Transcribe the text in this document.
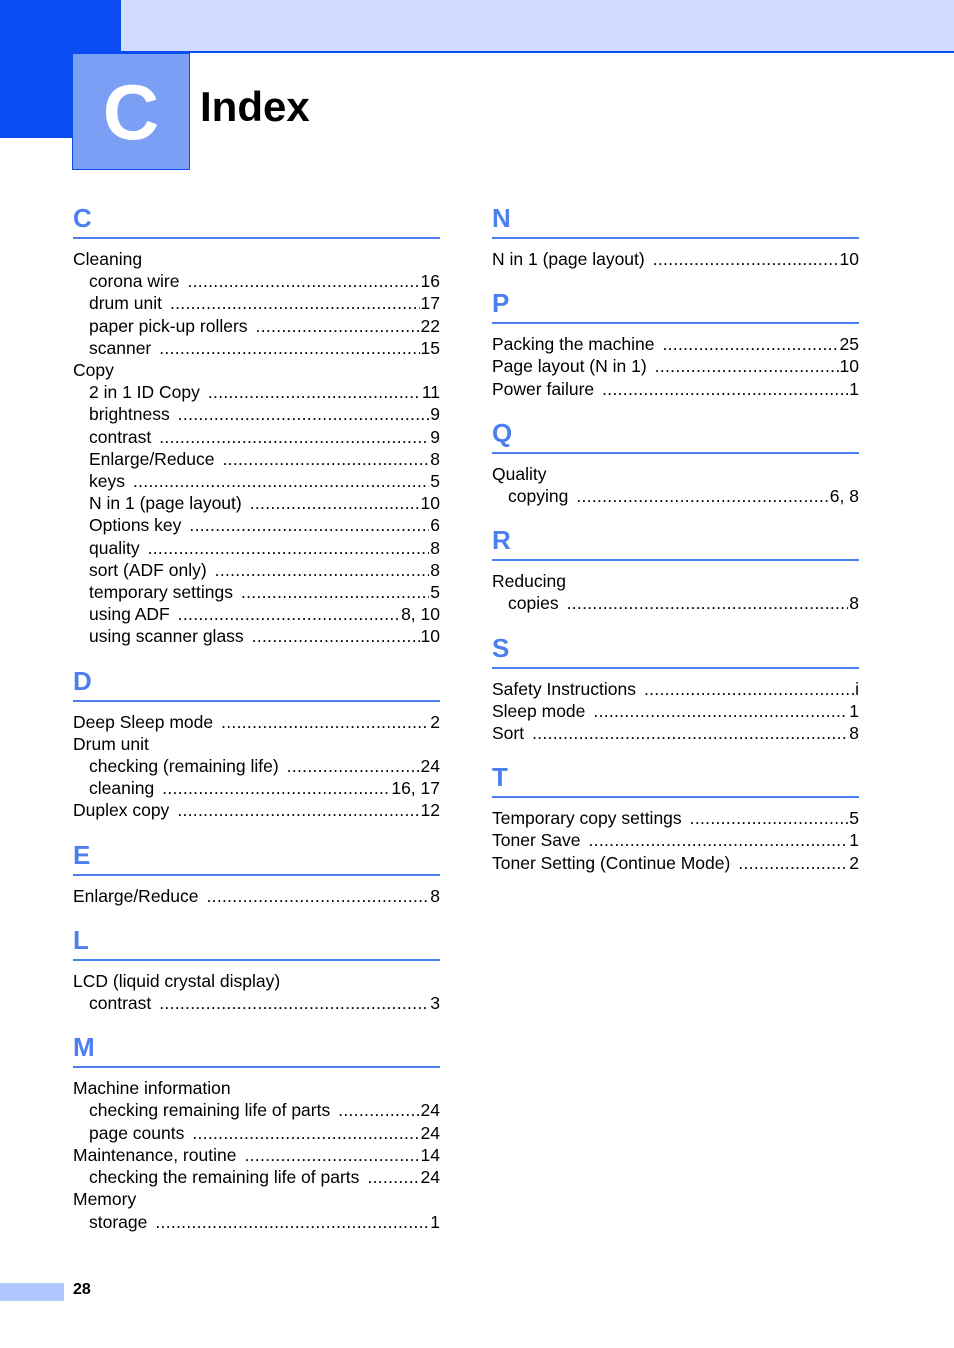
C Index
C
Cleaning
corona wire .....	16
drum unit .....	17
paper pick-up rollers .....	22
scanner .....	15
Copy
2 in 1 ID Copy .....	11
brightness .....	9
contrast .....	9
Enlarge/Reduce .....	8
keys .....	5
N in 1 (page layout) .....	10
Options key .....	6
quality .....	8
sort (ADF only) .....	8
temporary settings .....	5
using ADF .....	8, 10
using scanner glass .....	10
D
Deep Sleep mode .....	2
Drum unit
checking (remaining life) .....	24
cleaning .....	16, 17
Duplex copy .....	12
E
Enlarge/Reduce .....	8
L
LCD (liquid crystal display)
contrast .....	3
M
Machine information
checking remaining life of parts .....	24
page counts .....	24
Maintenance, routine .....	14
checking the remaining life of parts .....	24
Memory
storage .....	1
N
N in 1 (page layout) .....	10
P
Packing the machine .....	25
Page layout (N in 1) .....	10
Power failure .....	1
Q
Quality
copying .....	6, 8
R
Reducing
copies .....	8
S
Safety Instructions .....	i
Sleep mode .....	1
Sort .....	8
T
Temporary copy settings .....	5
Toner Save .....	1
Toner Setting (Continue Mode) .....	2
28
